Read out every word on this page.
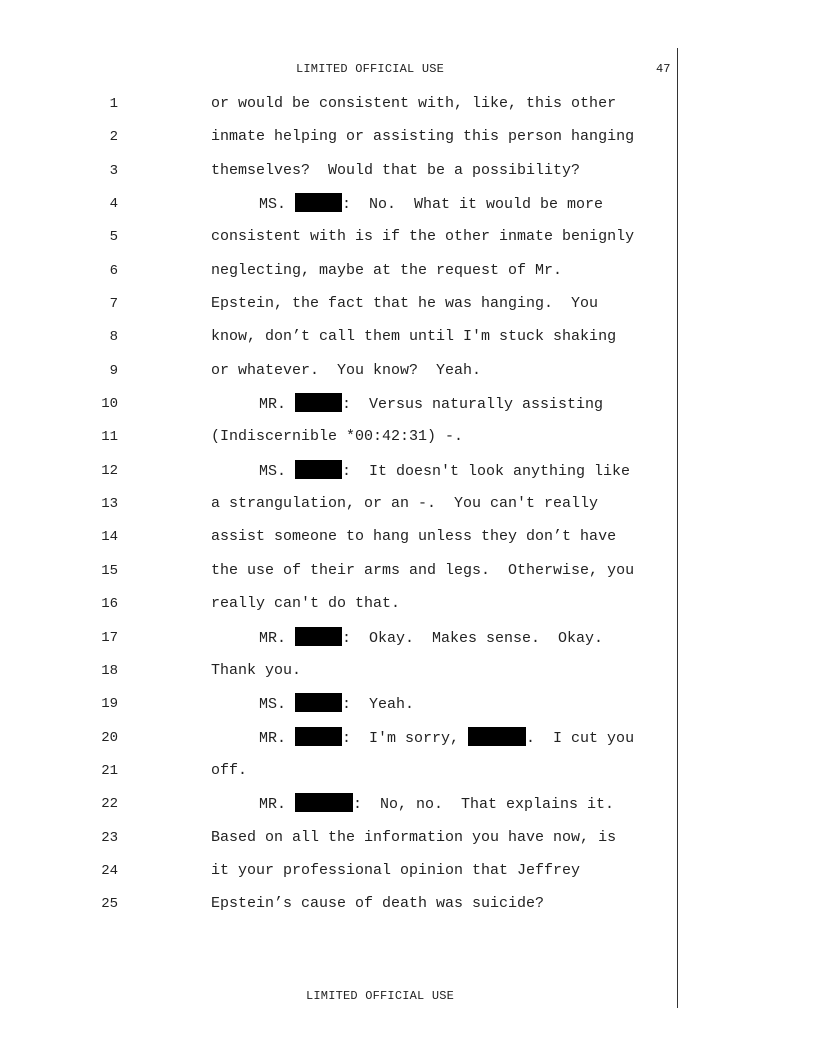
LIMITED OFFICIAL USE	47
1	or would be consistent with, like, this other
2	inmate helping or assisting this person hanging
3	themselves?  Would that be a possibility?
4	MS.	:  No.  What it would be more
5	consistent with is if the other inmate benignly
6	neglecting, maybe at the request of Mr.
7	Epstein, the fact that he was hanging.  You
8	know, don’t call them until I'm stuck shaking
9	or whatever.  You know?  Yeah.
10	MR.	:  Versus naturally assisting
11	(Indiscernible *00:42:31) -.
12	MS.	:  It doesn't look anything like
13	a strangulation, or an -.  You can't really
14	assist someone to hang unless they don’t have
15	the use of their arms and legs.  Otherwise, you
16	really can't do that.
17	MR.	:  Okay.  Makes sense.  Okay.
18	Thank you.
19	MS.	:  Yeah.
20	MR.	:  I'm sorry,	.  I cut you
21	off.
22	MR.	:  No, no.  That explains it.
23	Based on all the information you have now, is
24	it your professional opinion that Jeffrey
25	Epstein’s cause of death was suicide?
LIMITED OFFICIAL USE
